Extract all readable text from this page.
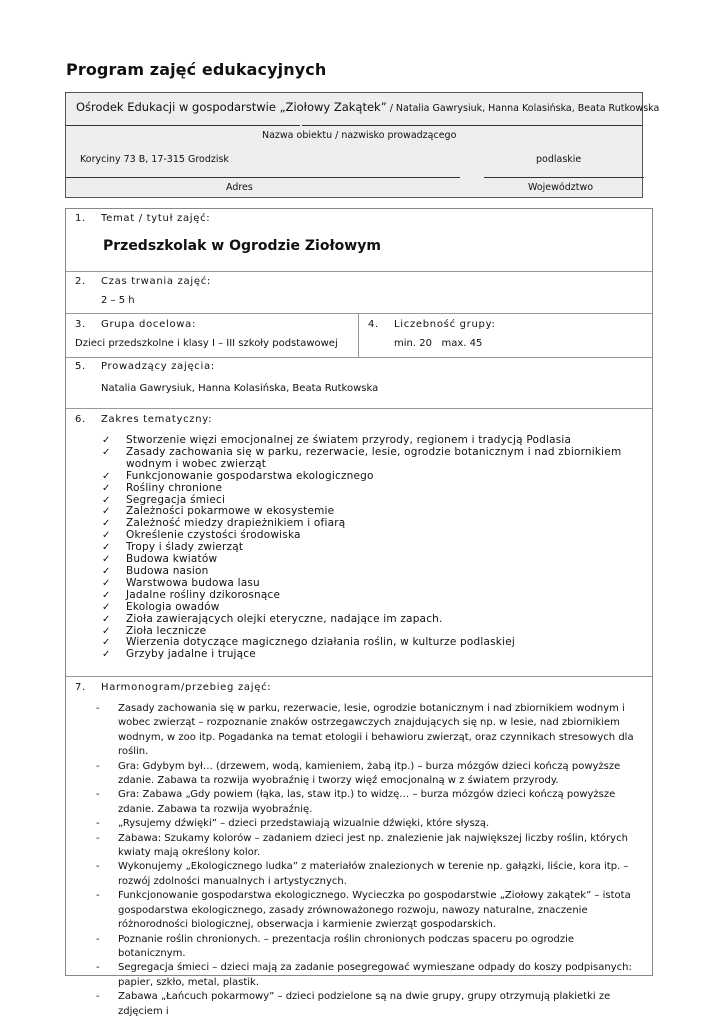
Program zajęć edukacyjnych
Ośrodek Edukacji w gospodarstwie „Ziołowy Zakątek” / Natalia Gawrysiuk, Hanna Kolasińska, Beata Rutkowska
Nazwa obiektu / nazwisko prowadzącego
Koryciny 73 B, 17-315 Grodzisk	podlaskie
Adres	Województwo
1. Temat / tytuł zajęć:
Przedszkolak w Ogrodzie Ziołowym
2. Czas trwania zajęć:
2 – 5 h
3. Grupa docelowa:
Dzieci przedszkolne i klasy I – III szkoły podstawowej
4. Liczebność grupy:
min. 20   max. 45
5. Prowadzący zajęcia:
Natalia Gawrysiuk, Hanna Kolasińska, Beata Rutkowska
6. Zakres tematyczny:
✓ Stworzenie więzi emocjonalnej ze światem przyrody, regionem i tradycją Podlasia
✓ Zasady zachowania się w parku, rezerwacie, lesie, ogrodzie botanicznym i nad zbiornikiem wodnym i wobec zwierząt
✓ Funkcjonowanie gospodarstwa ekologicznego
✓ Rośliny chronione
✓ Segregacja śmieci
✓ Zależności pokarmowe w ekosystemie
✓ Zależność miedzy drapieżnikiem i ofiarą
✓ Określenie czystości środowiska
✓ Tropy i ślady zwierząt
✓ Budowa kwiatów
✓ Budowa nasion
✓ Warstwowa budowa lasu
✓ Jadalne rośliny dzikorosnące
✓ Ekologia owadów
✓ Zioła zawierających olejki eteryczne, nadające im zapach.
✓ Zioła lecznicze
✓ Wierzenia dotyczące magicznego działania roślin, w kulturze podlaskiej
✓ Grzyby jadalne i trujące
7. Harmonogram/przebieg zajęć:
- Zasady zachowania się w parku, rezerwacie, lesie, ogrodzie botanicznym i nad zbiornikiem wodnym i wobec zwierząt – rozpoznanie znaków ostrzegawczych znajdujących się np. w lesie, nad zbiornikiem wodnym, w zoo itp. Pogadanka na temat etologii i behawioru zwierząt, oraz czynnikach stresowych dla roślin.
- Gra: Gdybym był… (drzewem, wodą, kamieniem, żabą itp.) – burza mózgów dzieci kończą powyższe zdanie. Zabawa ta rozwija wyobraźnię i tworzy więź emocjonalną w z światem przyrody.
- Gra: Zabawa „Gdy powiem (łąka, las, staw itp.) to widzę… – burza mózgów dzieci kończą powyższe zdanie. Zabawa ta rozwija wyobraźnię.
- „Rysujemy dźwięki” – dzieci przedstawiają wizualnie dźwięki, które słyszą.
- Zabawa: Szukamy kolorów – zadaniem dzieci jest np. znalezienie jak największej liczby roślin, których kwiaty mają określony kolor.
- Wykonujemy „Ekologicznego ludka” z materiałów znalezionych w terenie np. gałązki, liście, kora itp. – rozwój zdolności manualnych i artystycznych.
- Funkcjonowanie gospodarstwa ekologicznego. Wycieczka po gospodarstwie „Ziołowy zakątek” – istota gospodarstwa ekologicznego, zasady zrównoważonego rozwoju, nawozy naturalne, znaczenie różnorodności biologicznej, obserwacja i karmienie zwierząt gospodarskich.
- Poznanie roślin chronionych. – prezentacja roślin chronionych podczas spaceru po ogrodzie botanicznym.
- Segregacja śmieci – dzieci mają za zadanie posegregować wymieszane odpady do koszy podpisanych: papier, szkło, metal, plastik.
- Zabawa „Łańcuch pokarmowy” – dzieci podzielone są na dwie grupy, grupy otrzymują plakietki ze zdjęciem i
